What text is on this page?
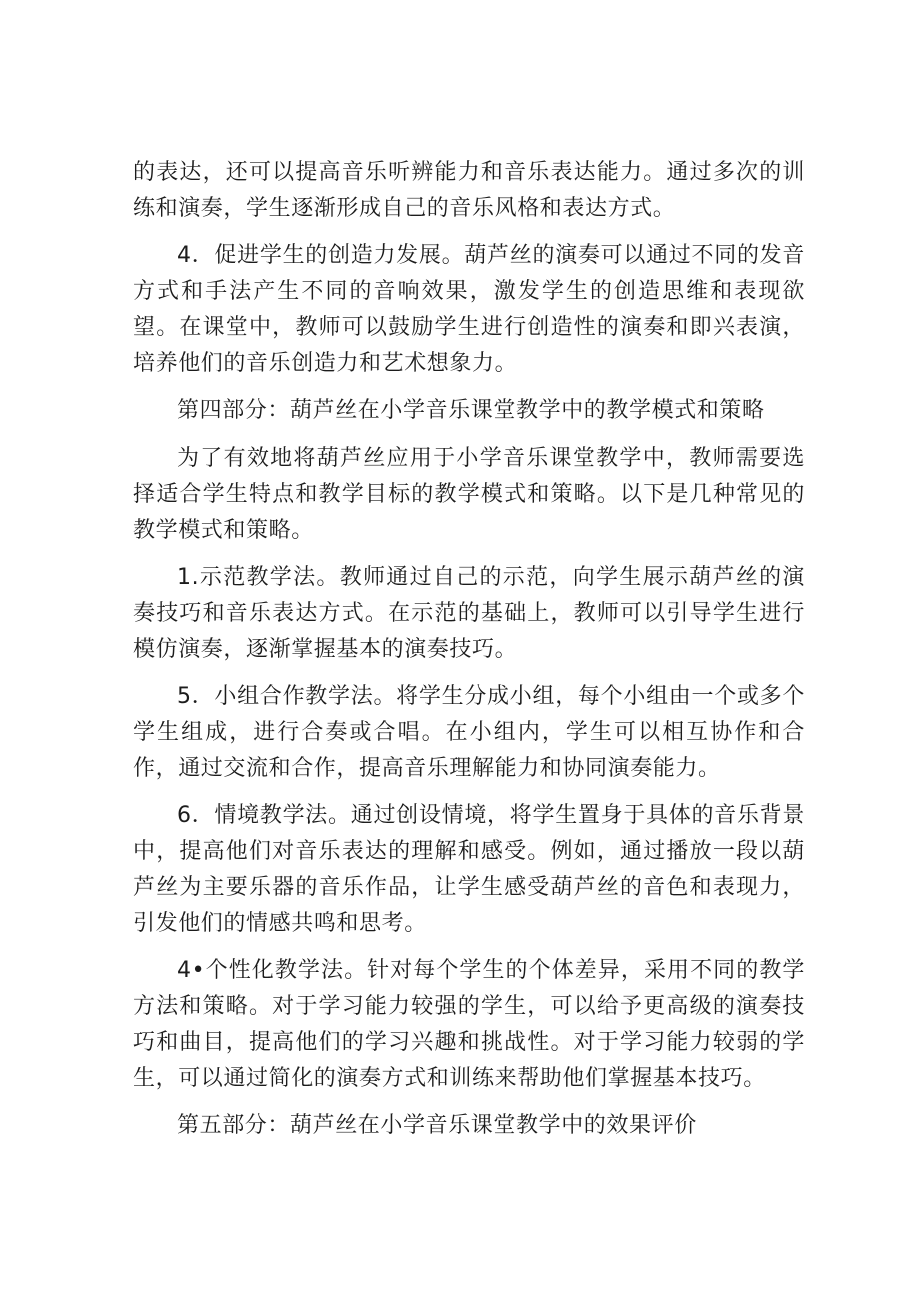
的表达，还可以提高音乐听辨能力和音乐表达能力。通过多次的训练和演奏，学生逐渐形成自己的音乐风格和表达方式。

4．促进学生的创造力发展。葫芦丝的演奏可以通过不同的发音方式和手法产生不同的音响效果，激发学生的创造思维和表现欲望。在课堂中，教师可以鼓励学生进行创造性的演奏和即兴表演，培养他们的音乐创造力和艺术想象力。

第四部分：葫芦丝在小学音乐课堂教学中的教学模式和策略

为了有效地将葫芦丝应用于小学音乐课堂教学中，教师需要选择适合学生特点和教学目标的教学模式和策略。以下是几种常见的教学模式和策略。

1.示范教学法。教师通过自己的示范，向学生展示葫芦丝的演奏技巧和音乐表达方式。在示范的基础上，教师可以引导学生进行模仿演奏，逐渐掌握基本的演奏技巧。

5．小组合作教学法。将学生分成小组，每个小组由一个或多个学生组成，进行合奏或合唱。在小组内，学生可以相互协作和合作，通过交流和合作，提高音乐理解能力和协同演奏能力。

6．情境教学法。通过创设情境，将学生置身于具体的音乐背景中，提高他们对音乐表达的理解和感受。例如，通过播放一段以葫芦丝为主要乐器的音乐作品，让学生感受葫芦丝的音色和表现力，引发他们的情感共鸣和思考。

4•个性化教学法。针对每个学生的个体差异，采用不同的教学方法和策略。对于学习能力较强的学生，可以给予更高级的演奏技巧和曲目，提高他们的学习兴趣和挑战性。对于学习能力较弱的学生，可以通过简化的演奏方式和训练来帮助他们掌握基本技巧。

第五部分：葫芦丝在小学音乐课堂教学中的效果评价
